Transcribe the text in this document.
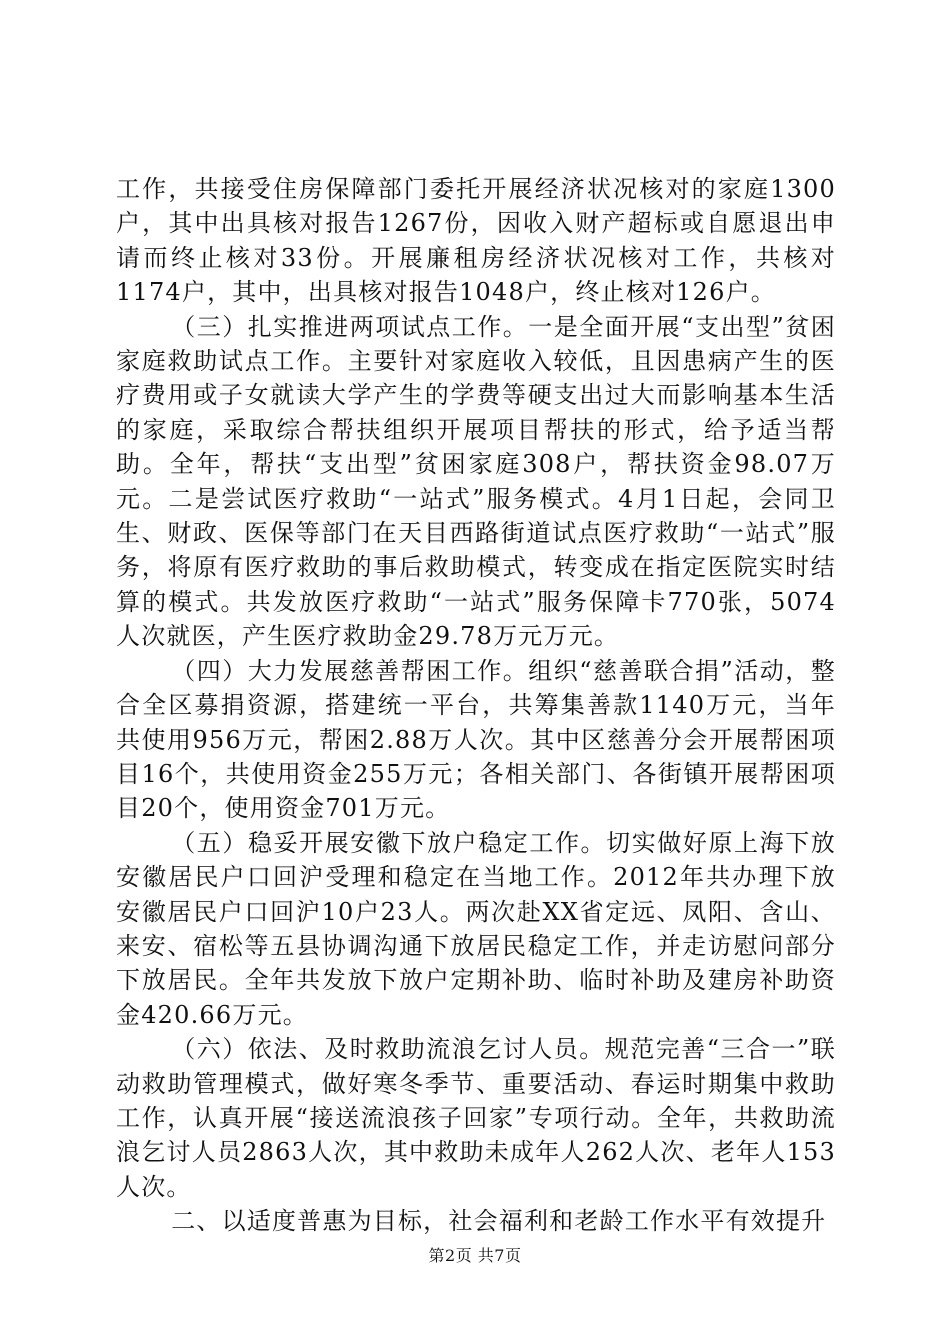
工作，共接受住房保障部门委托开展经济状况核对的家庭1300户，其中出具核对报告1267份，因收入财产超标或自愿退出申请而终止核对33份。开展廉租房经济状况核对工作，共核对1174户，其中，出具核对报告1048户，终止核对126户。

（三）扎实推进两项试点工作。一是全面开展“支出型”贫困家庭救助试点工作。主要针对家庭收入较低，且因患病产生的医疗费用或子女就读大学产生的学费等硬支出过大而影响基本生活的家庭，采取综合帮扶组织开展项目帮扶的形式，给予适当帮助。全年，帮扶“支出型”贫困家庭308户，帮扶资金98.07万元。二是尝试医疗救助“一站式”服务模式。4月1日起，会同卫生、财政、医保等部门在天目西路街道试点医疗救助“一站式”服务，将原有医疗救助的事后救助模式，转变成在指定医院实时结算的模式。共发放医疗救助“一站式”服务保障卡770张，5074人次就医，产生医疗救助金29.78万元万元。

（四）大力发展慈善帮困工作。组织“慈善联合捐”活动，整合全区募捐资源，搭建统一平台，共筹集善款1140万元，当年共使用956万元，帮困2.88万人次。其中区慈善分会开展帮困项目16个，共使用资金255万元；各相关部门、各街镇开展帮困项目20个，使用资金701万元。

（五）稳妥开展安徽下放户稳定工作。切实做好原上海下放安徽居民户口回沪受理和稳定在当地工作。2012年共办理下放安徽居民户口回沪10户23人。两次赴XX省定远、凤阳、含山、来安、宿松等五县协调沟通下放居民稳定工作，并走访慰问部分下放居民。全年共发放下放户定期补助、临时补助及建房补助资金420.66万元。

（六）依法、及时救助流浪乞讨人员。规范完善“三合一”联动救助管理模式，做好寒冬季节、重要活动、春运时期集中救助工作，认真开展“接送流浪孩子回家”专项行动。全年，共救助流浪乞讨人员2863人次，其中救助未成年人262人次、老年人153人次。

二、以适度普惠为目标，社会福利和老龄工作水平有效提升

第2页 共7页
